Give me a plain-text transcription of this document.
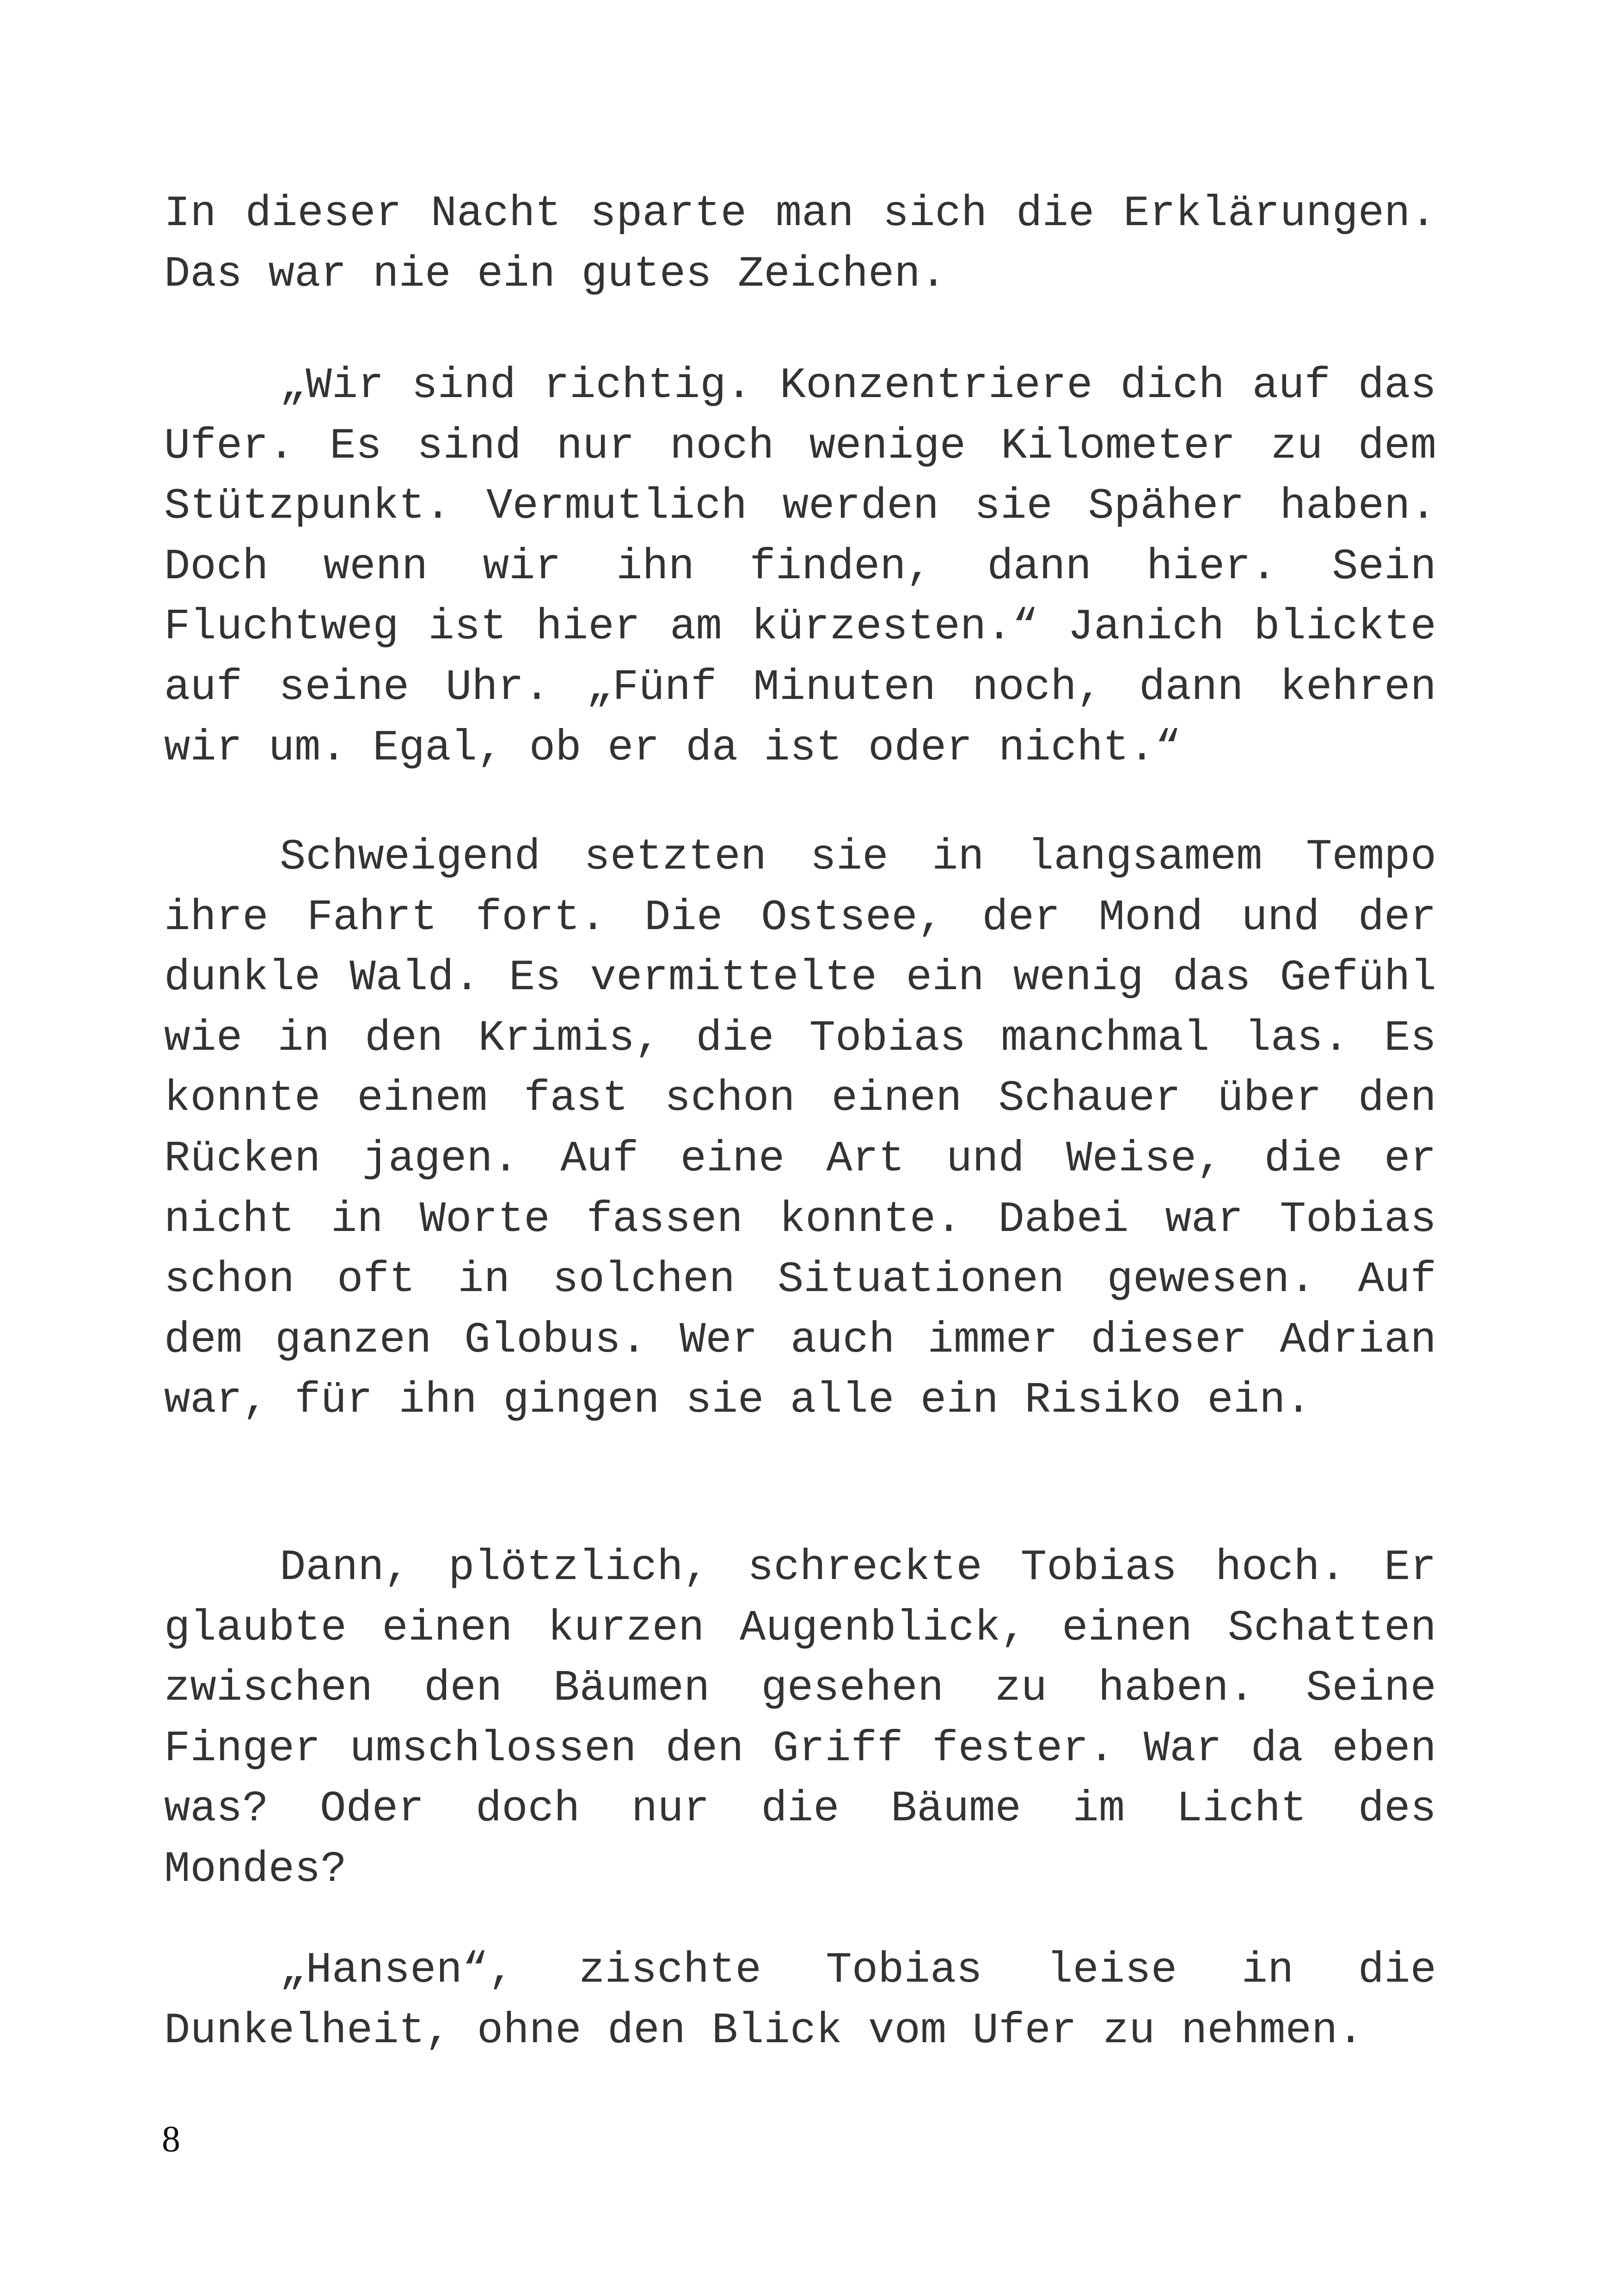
In dieser Nacht sparte man sich die Erklärungen. Das war nie ein gutes Zeichen.

„Wir sind richtig. Konzentriere dich auf das Ufer. Es sind nur noch wenige Kilometer zu dem Stützpunkt. Vermutlich werden sie Späher haben. Doch wenn wir ihn finden, dann hier. Sein Fluchtweg ist hier am kürzesten.“ Janich blickte auf seine Uhr. „Fünf Minuten noch, dann kehren wir um. Egal, ob er da ist oder nicht.“

Schweigend setzten sie in langsamem Tempo ihre Fahrt fort. Die Ostsee, der Mond und der dunkle Wald. Es vermittelte ein wenig das Gefühl wie in den Krimis, die Tobias manchmal las. Es konnte einem fast schon einen Schauer über den Rücken jagen. Auf eine Art und Weise, die er nicht in Worte fassen konnte. Dabei war Tobias schon oft in solchen Situationen gewesen. Auf dem ganzen Globus. Wer auch immer dieser Adrian war, für ihn gingen sie alle ein Risiko ein.

Dann, plötzlich, schreckte Tobias hoch. Er glaubte einen kurzen Augenblick, einen Schatten zwischen den Bäumen gesehen zu haben. Seine Finger umschlossen den Griff fester. War da eben was? Oder doch nur die Bäume im Licht des Mondes?

„Hansen“, zischte Tobias leise in die Dunkelheit, ohne den Blick vom Ufer zu nehmen.

8
